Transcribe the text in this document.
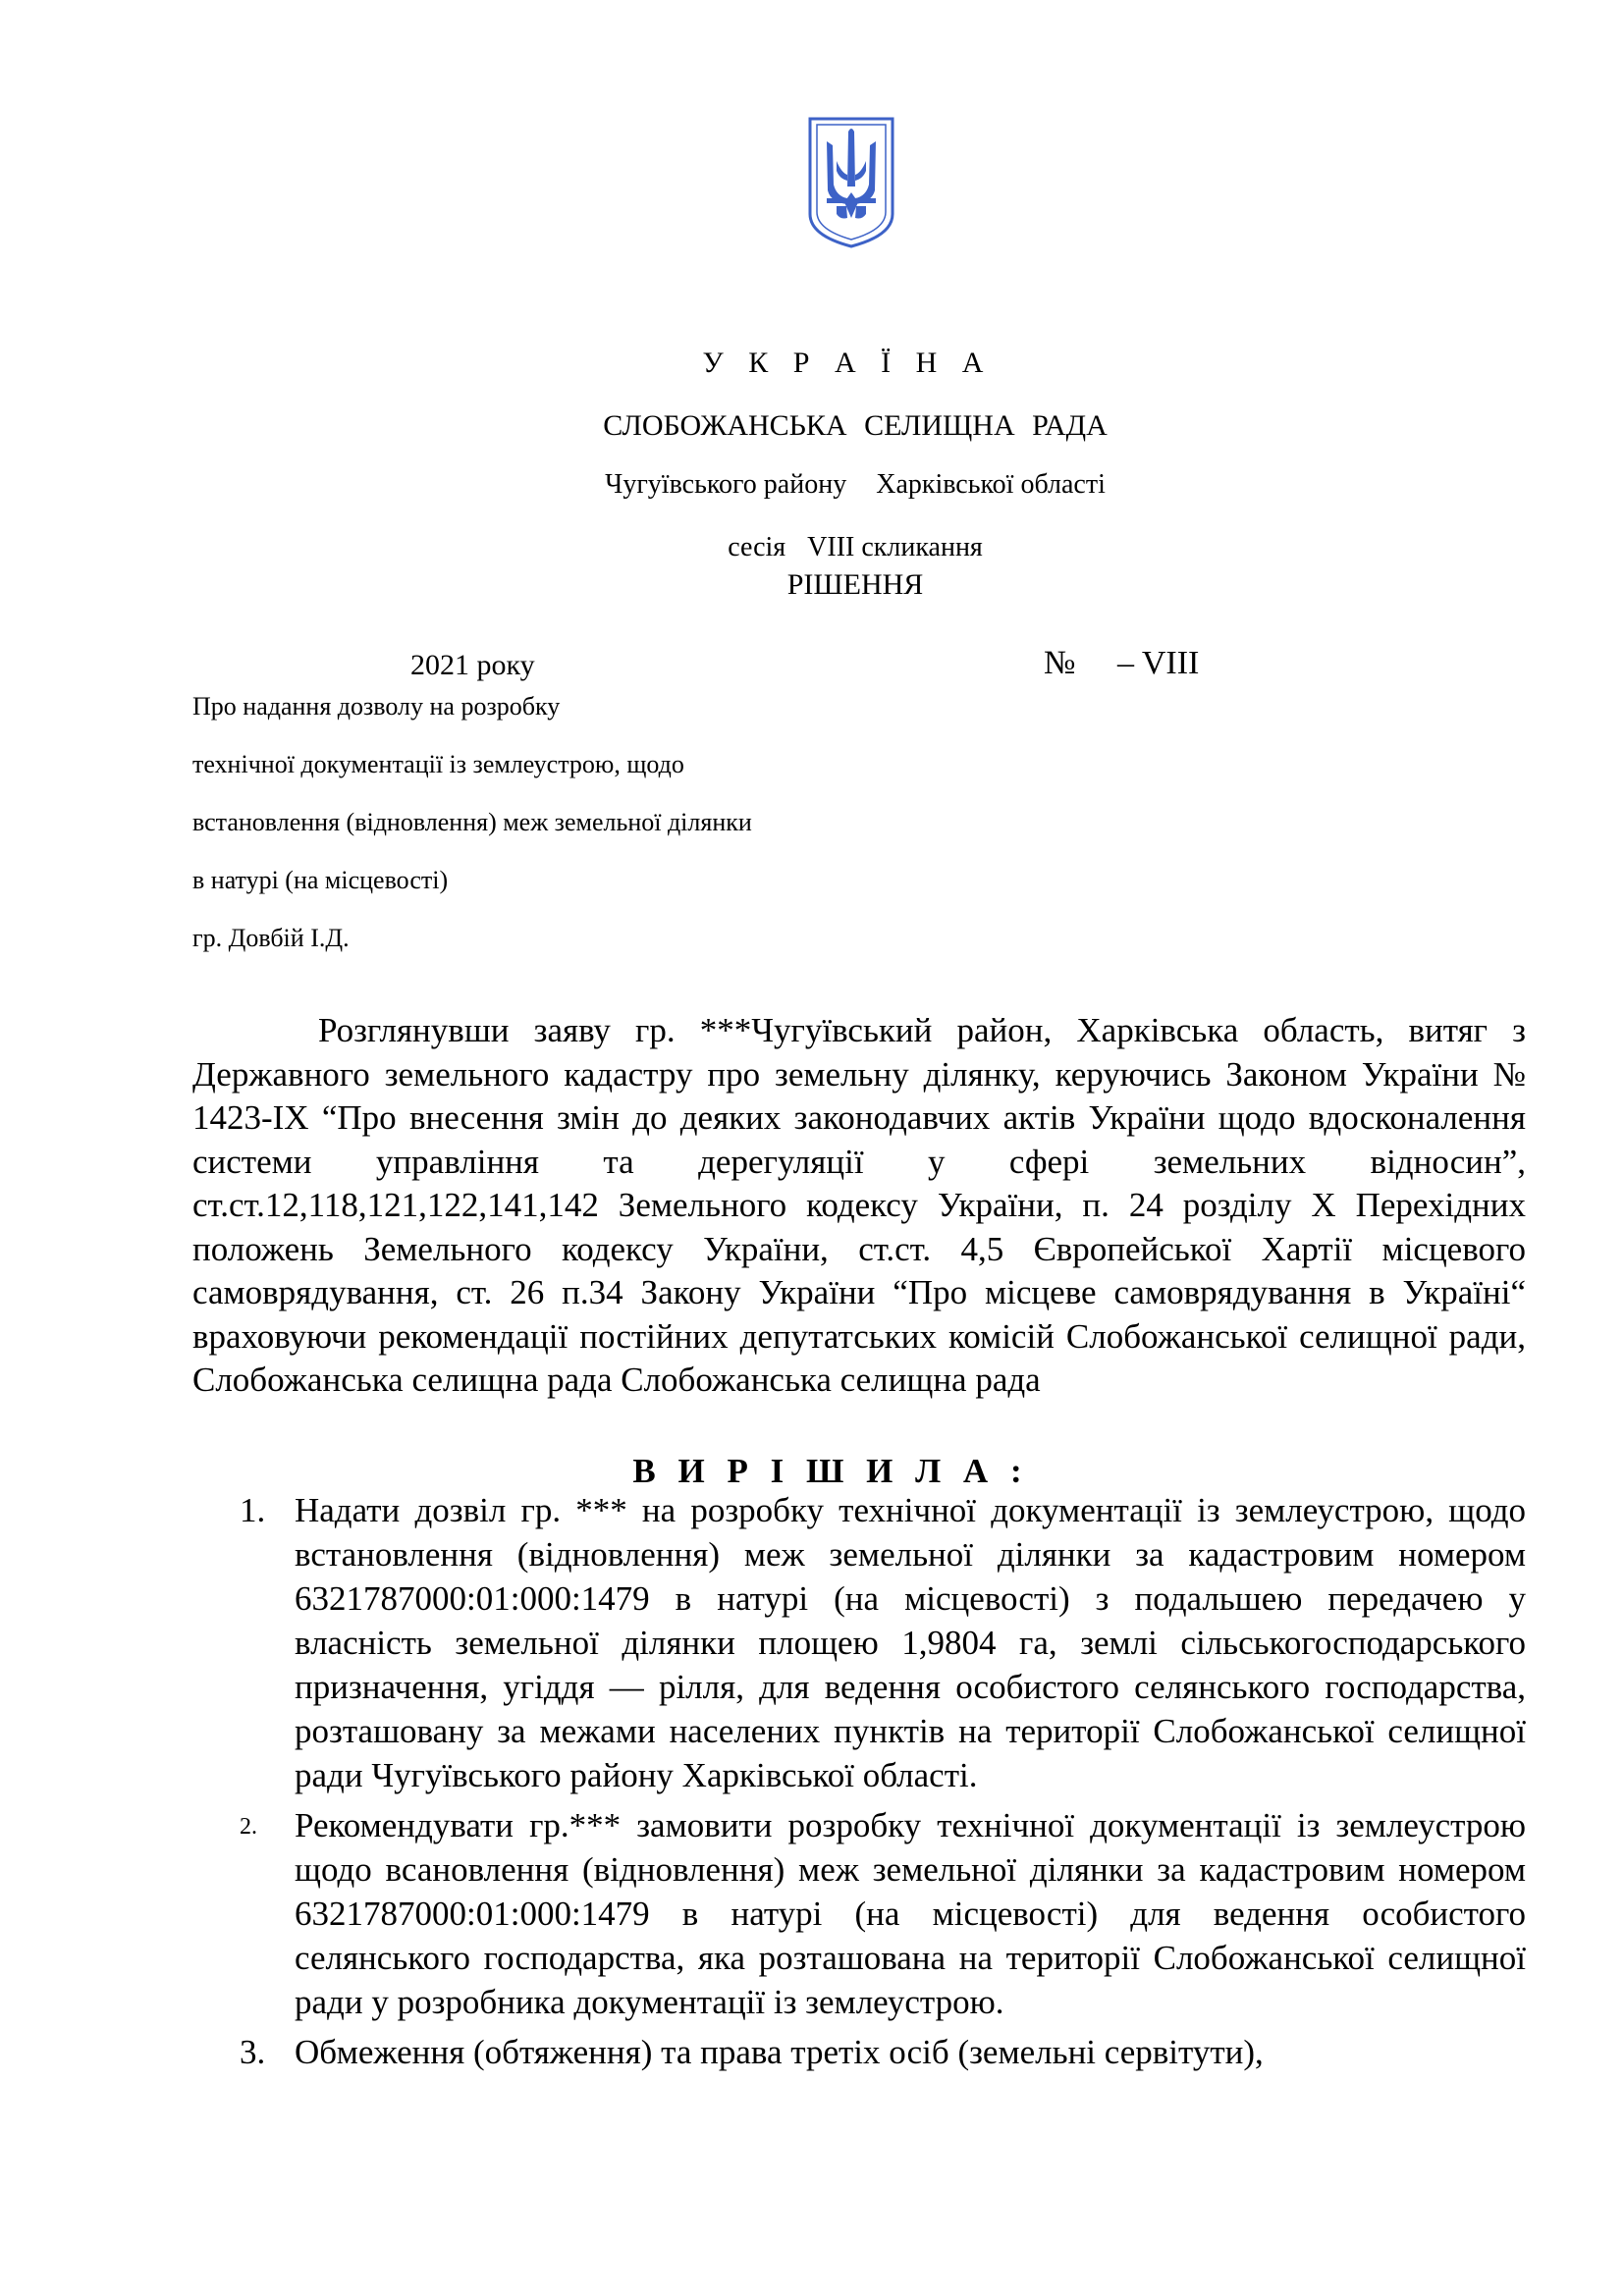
У К Р А Ї Н А
СЛОБОЖАНСЬКА СЕЛИЩНА РАДА
Чугуївського району Харківської області
сесія VIII скликання
РІШЕННЯ
2021 року	№     – VIII
Про надання дозволу на розробку
технічної документації із землеустрою, щодо
встановлення (відновлення) меж земельної ділянки
в натурі (на місцевості)
гр. Довбій І.Д.

Розглянувши заяву гр. ***Чугуївський район, Харківська область, витяг з Державного земельного кадастру про земельну ділянку, керуючись Законом України № 1423-ІХ “Про внесення змін до деяких законодавчих актів України щодо вдосконалення системи управління та дерегуляції у сфері земельних відносин”, ст.ст.12,118,121,122,141,142 Земельного кодексу України, п. 24 розділу Х Перехідних положень Земельного кодексу України, ст.ст. 4,5 Європейської Хартії місцевого самоврядування, ст. 26 п.34 Закону України “Про місцеве самоврядування в Україні“ враховуючи рекомендації постійних депутатських комісій Слобожанської селищної ради, Слобожанська селищна рада Слобожанська селищна рада

В И Р І Ш И Л А :
1. Надати дозвіл гр. *** на розробку технічної документації із землеустрою, щодо встановлення (відновлення) меж земельної ділянки за кадастровим номером 6321787000:01:000:1479 в натурі (на місцевості) з подальшею передачею у власність земельної ділянки площею 1,9804 га, землі сільськогосподарського призначення, угіддя — рілля, для ведення особистого селянського господарства, розташовану за межами населених пунктів на території Слобожанської селищної ради Чугуївського району Харківської області.
2. Рекомендувати гр.*** замовити розробку технічної документації із землеустрою щодо всановлення (відновлення) меж земельної ділянки за кадастровим номером 6321787000:01:000:1479 в натурі (на місцевості) для ведення особистого селянського господарства, яка розташована на території Слобожанської селищної ради у розробника документації із землеустрою.
3. Обмеження (обтяження) та права третіх осіб (земельні сервітути),
